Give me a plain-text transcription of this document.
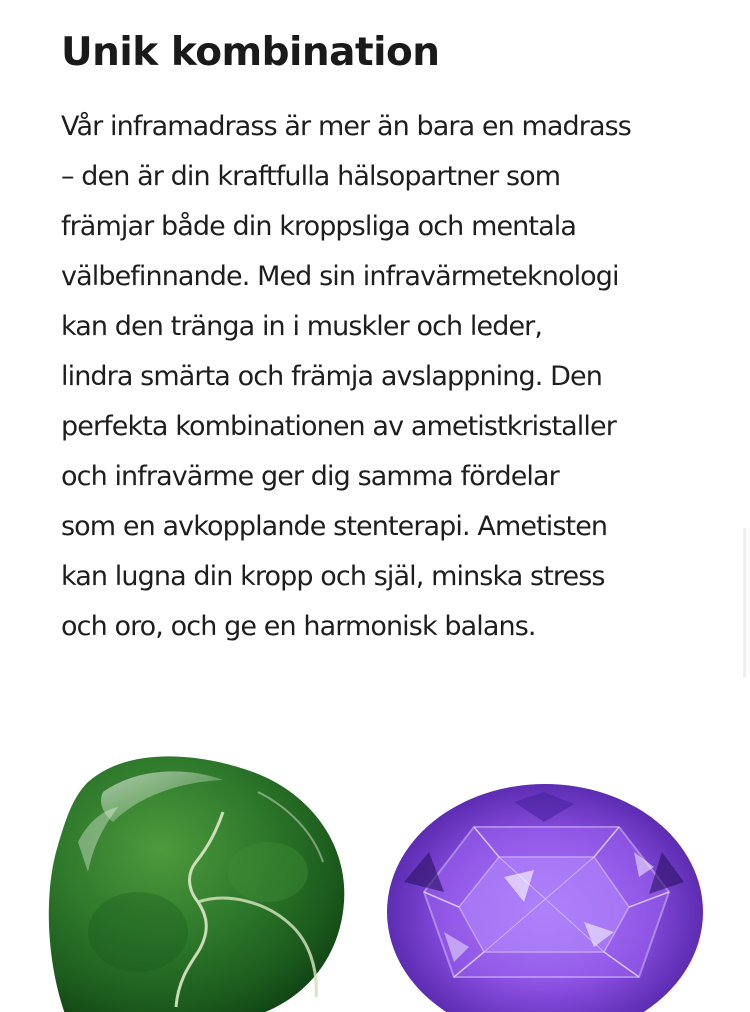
Unik kombination

Vår inframadrass är mer än bara en madrass
– den är din kraftfulla hälsopartner som
främjar både din kroppsliga och mentala
välbefinnande. Med sin infravärmeteknologi
kan den tränga in i muskler och leder,
lindra smärta och främja avslappning. Den
perfekta kombinationen av ametistkristaller
och infravärme ger dig samma fördelar
som en avkopplande stenterapi. Ametisten
kan lugna din kropp och själ, minska stress
och oro, och ge en harmonisk balans.
